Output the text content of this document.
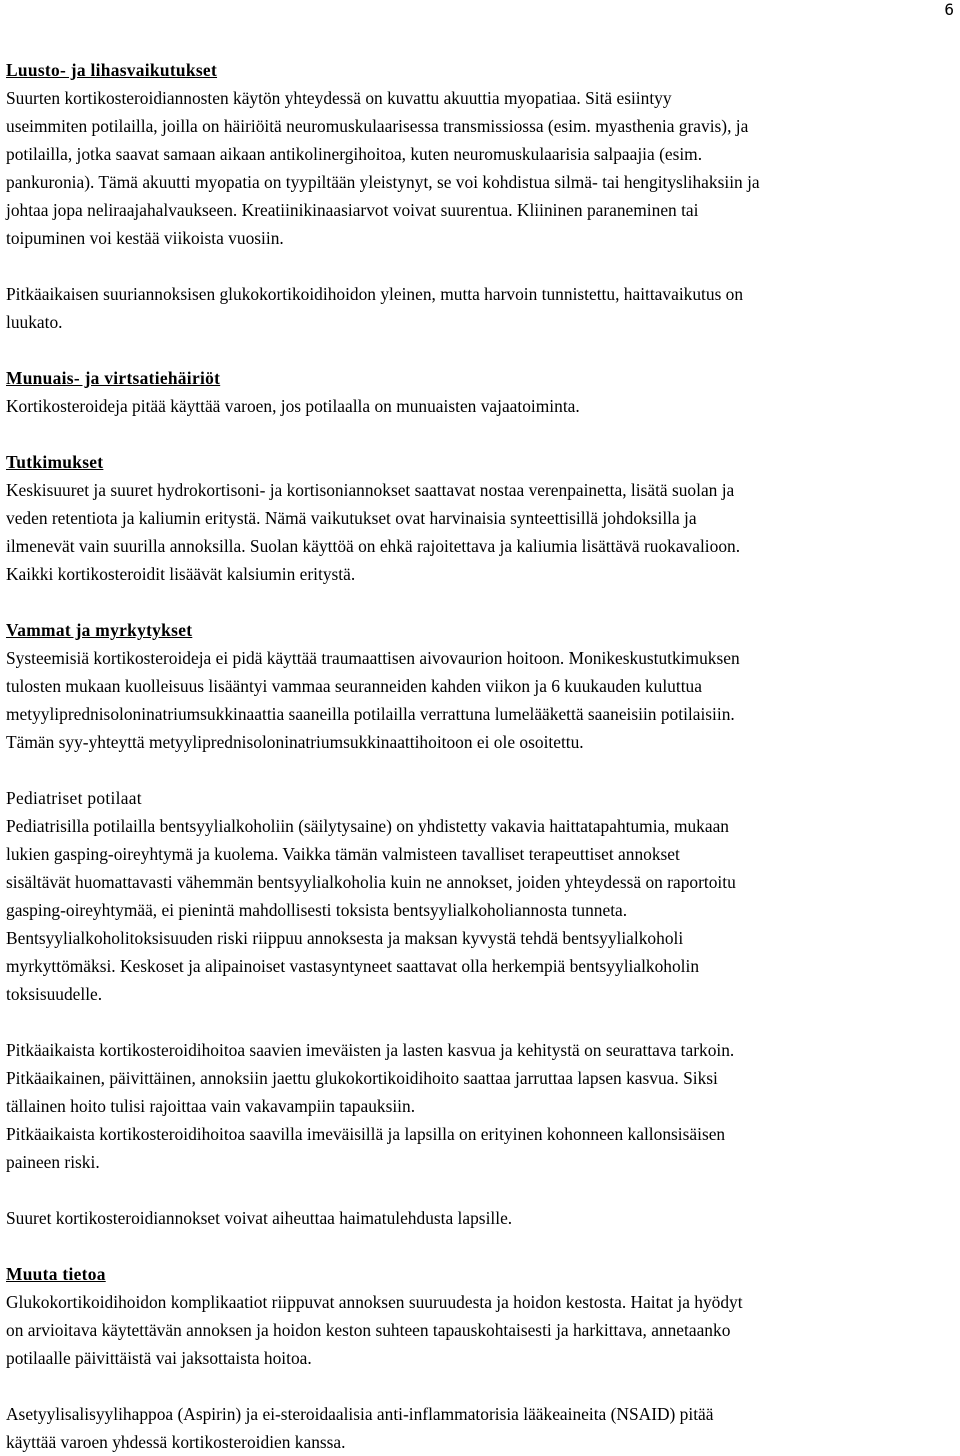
6

Luusto- ja lihasvaikutukset

Suurten kortikosteroidiannosten käytön yhteydessä on kuvattu akuuttia myopatiaa. Sitä esiintyy
useimmiten potilailla, joilla on häiriöitä neuromuskulaarisessa transmissiossa (esim. myasthenia gravis), ja
potilailla, jotka saavat samaan aikaan antikolinergihoitoa, kuten neuromuskulaarisia salpaajia (esim.
pankuronia). Tämä akuutti myopatia on tyypiltään yleistynyt, se voi kohdistua silmä- tai hengityslihaksiin ja
johtaa jopa neliraajahalvaukseen. Kreatiinikinaasiarvot voivat suurentua. Kliininen paraneminen tai
toipuminen voi kestää viikoista vuosiin.
Pitkäaikaisen suuriannoksisen glukokortikoidihoidon yleinen, mutta harvoin tunnistettu, haittavaikutus on
luukato.

Munuais- ja virtsatiehäiriöt

Kortikosteroideja pitää käyttää varoen, jos potilaalla on munuaisten vajaatoiminta.

Tutkimukset

Keskisuuret ja suuret hydrokortisoni- ja kortisoniannokset saattavat nostaa verenpainetta, lisätä suolan ja
veden retentiota ja kaliumin eritystä. Nämä vaikutukset ovat harvinaisia synteettisillä johdoksilla ja
ilmenevät vain suurilla annoksilla. Suolan käyttöä on ehkä rajoitettava ja kaliumia lisättävä ruokavalioon.
Kaikki kortikosteroidit lisäävät kalsiumin eritystä.

Vammat ja myrkytykset

Systeemisiä kortikosteroideja ei pidä käyttää traumaattisen aivovaurion hoitoon. Monikeskustutkimuksen
tulosten mukaan kuolleisuus lisääntyi vammaa seuranneiden kahden viikon ja 6 kuukauden kuluttua
metyyliprednisoloninatriumsukkinaattia saaneilla potilailla verrattuna lumelääkettä saaneisiin potilaisiin.
Tämän syy-yhteyttä metyyliprednisoloninatriumsukkinaattihoitoon ei ole osoitettu.

Pediatriset potilaat

Pediatrisilla potilailla bentsyylialkoholiin (säilytysaine) on yhdistetty vakavia haittatapahtumia, mukaan
lukien gasping-oireyhtymä ja kuolema. Vaikka tämän valmisteen tavalliset terapeuttiset annokset
sisältävät huomattavasti vähemmän bentsyylialkoholia kuin ne annokset, joiden yhteydessä on raportoitu
gasping-oireyhtymää, ei pienintä mahdollisesti toksista bentsyylialkoholiannosta tunneta.
Bentsyylialkoholitoksisuuden riski riippuu annoksesta ja maksan kyvystä tehdä bentsyylialkoholi
myrkyttömäksi. Keskoset ja alipainoiset vastasyntyneet saattavat olla herkempiä bentsyylialkoholin
toksisuudelle.
Pitkäaikaista kortikosteroidihoitoa saavien imeväisten ja lasten kasvua ja kehitystä on seurattava tarkoin.
Pitkäaikainen, päivittäinen, annoksiin jaettu glukokortikoidihoito saattaa jarruttaa lapsen kasvua. Siksi
tällainen hoito tulisi rajoittaa vain vakavampiin tapauksiin.
Pitkäaikaista kortikosteroidihoitoa saavilla imeväisillä ja lapsilla on erityinen kohonneen kallonsisäisen
paineen riski.
Suuret kortikosteroidiannokset voivat aiheuttaa haimatulehdusta lapsille.

Muuta tietoa

Glukokortikoidihoidon komplikaatiot riippuvat annoksen suuruudesta ja hoidon kestosta. Haitat ja hyödyt
on arvioitava käytettävän annoksen ja hoidon keston suhteen tapauskohtaisesti ja harkittava, annetaanko
potilaalle päivittäistä vai jaksottaista hoitoa.
Asetyylisalisyylihappoa (Aspirin) ja ei-steroidaalisia anti-inflammatorisia lääkeaineita (NSAID) pitää
käyttää varoen yhdessä kortikosteroidien kanssa.
